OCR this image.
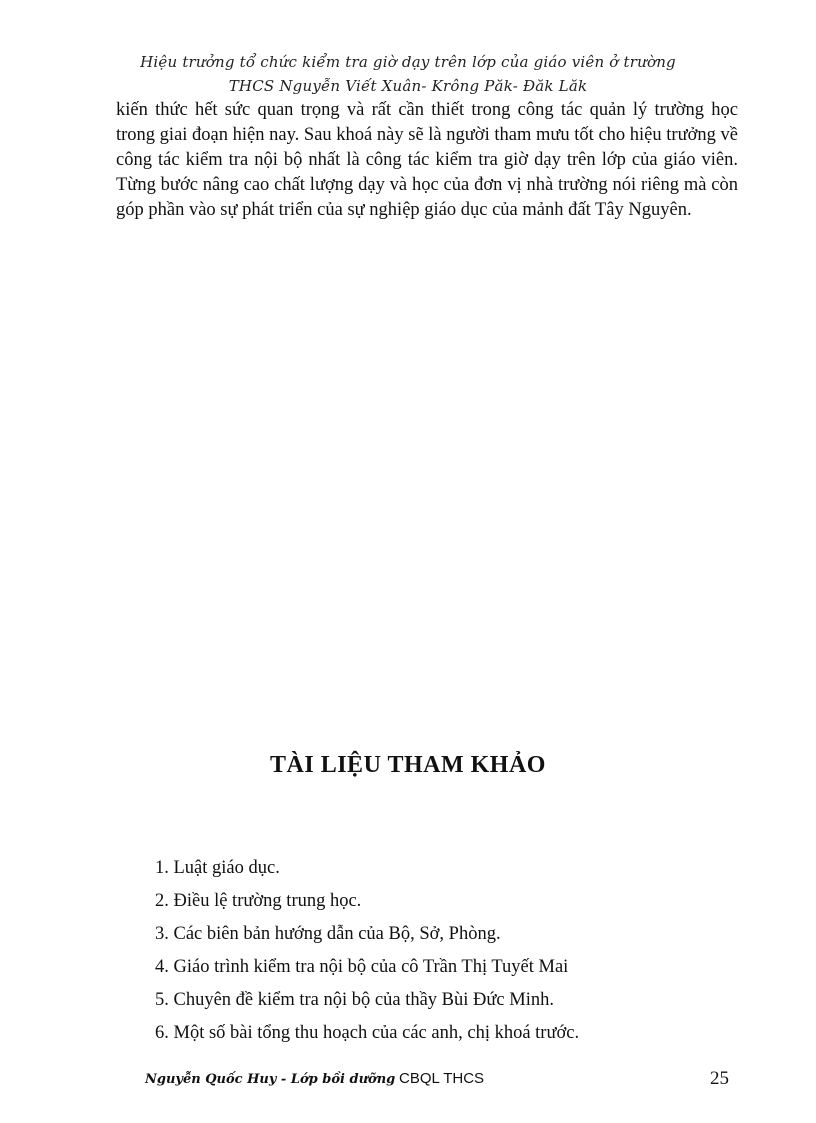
Hiệu trưởng tổ chức kiểm tra giờ dạy trên lớp của giáo viên ở trường
THCS Nguyễn Viết Xuân- Krông Păk- Đăk Lăk

kiến thức hết sức quan trọng và rất cần thiết trong công tác quản lý trường học trong giai đoạn hiện nay. Sau khoá này sẽ là người tham mưu tốt cho hiệu trưởng về công tác kiểm tra nội bộ nhất là công tác kiểm tra giờ dạy trên lớp của giáo viên. Từng bước nâng cao chất lượng dạy và học của đơn vị nhà trường nói riêng mà còn góp phần vào sự phát triển của sự nghiệp giáo dục của mảnh đất Tây Nguyên.

TÀI LIỆU THAM KHẢO
1. Luật giáo dục.
2. Điều lệ trường trung học.
3. Các biên bản hướng dẫn của Bộ, Sở, Phòng.
4. Giáo trình kiểm tra nội bộ của cô Trần Thị Tuyết Mai
5. Chuyên đề kiểm tra nội bộ của thầy Bùi Đức Minh.
6. Một số bài tổng thu hoạch của các anh, chị khoá trước.
Nguyễn Quốc Huy - Lớp bồi dưỡng CBQL THCS	25
